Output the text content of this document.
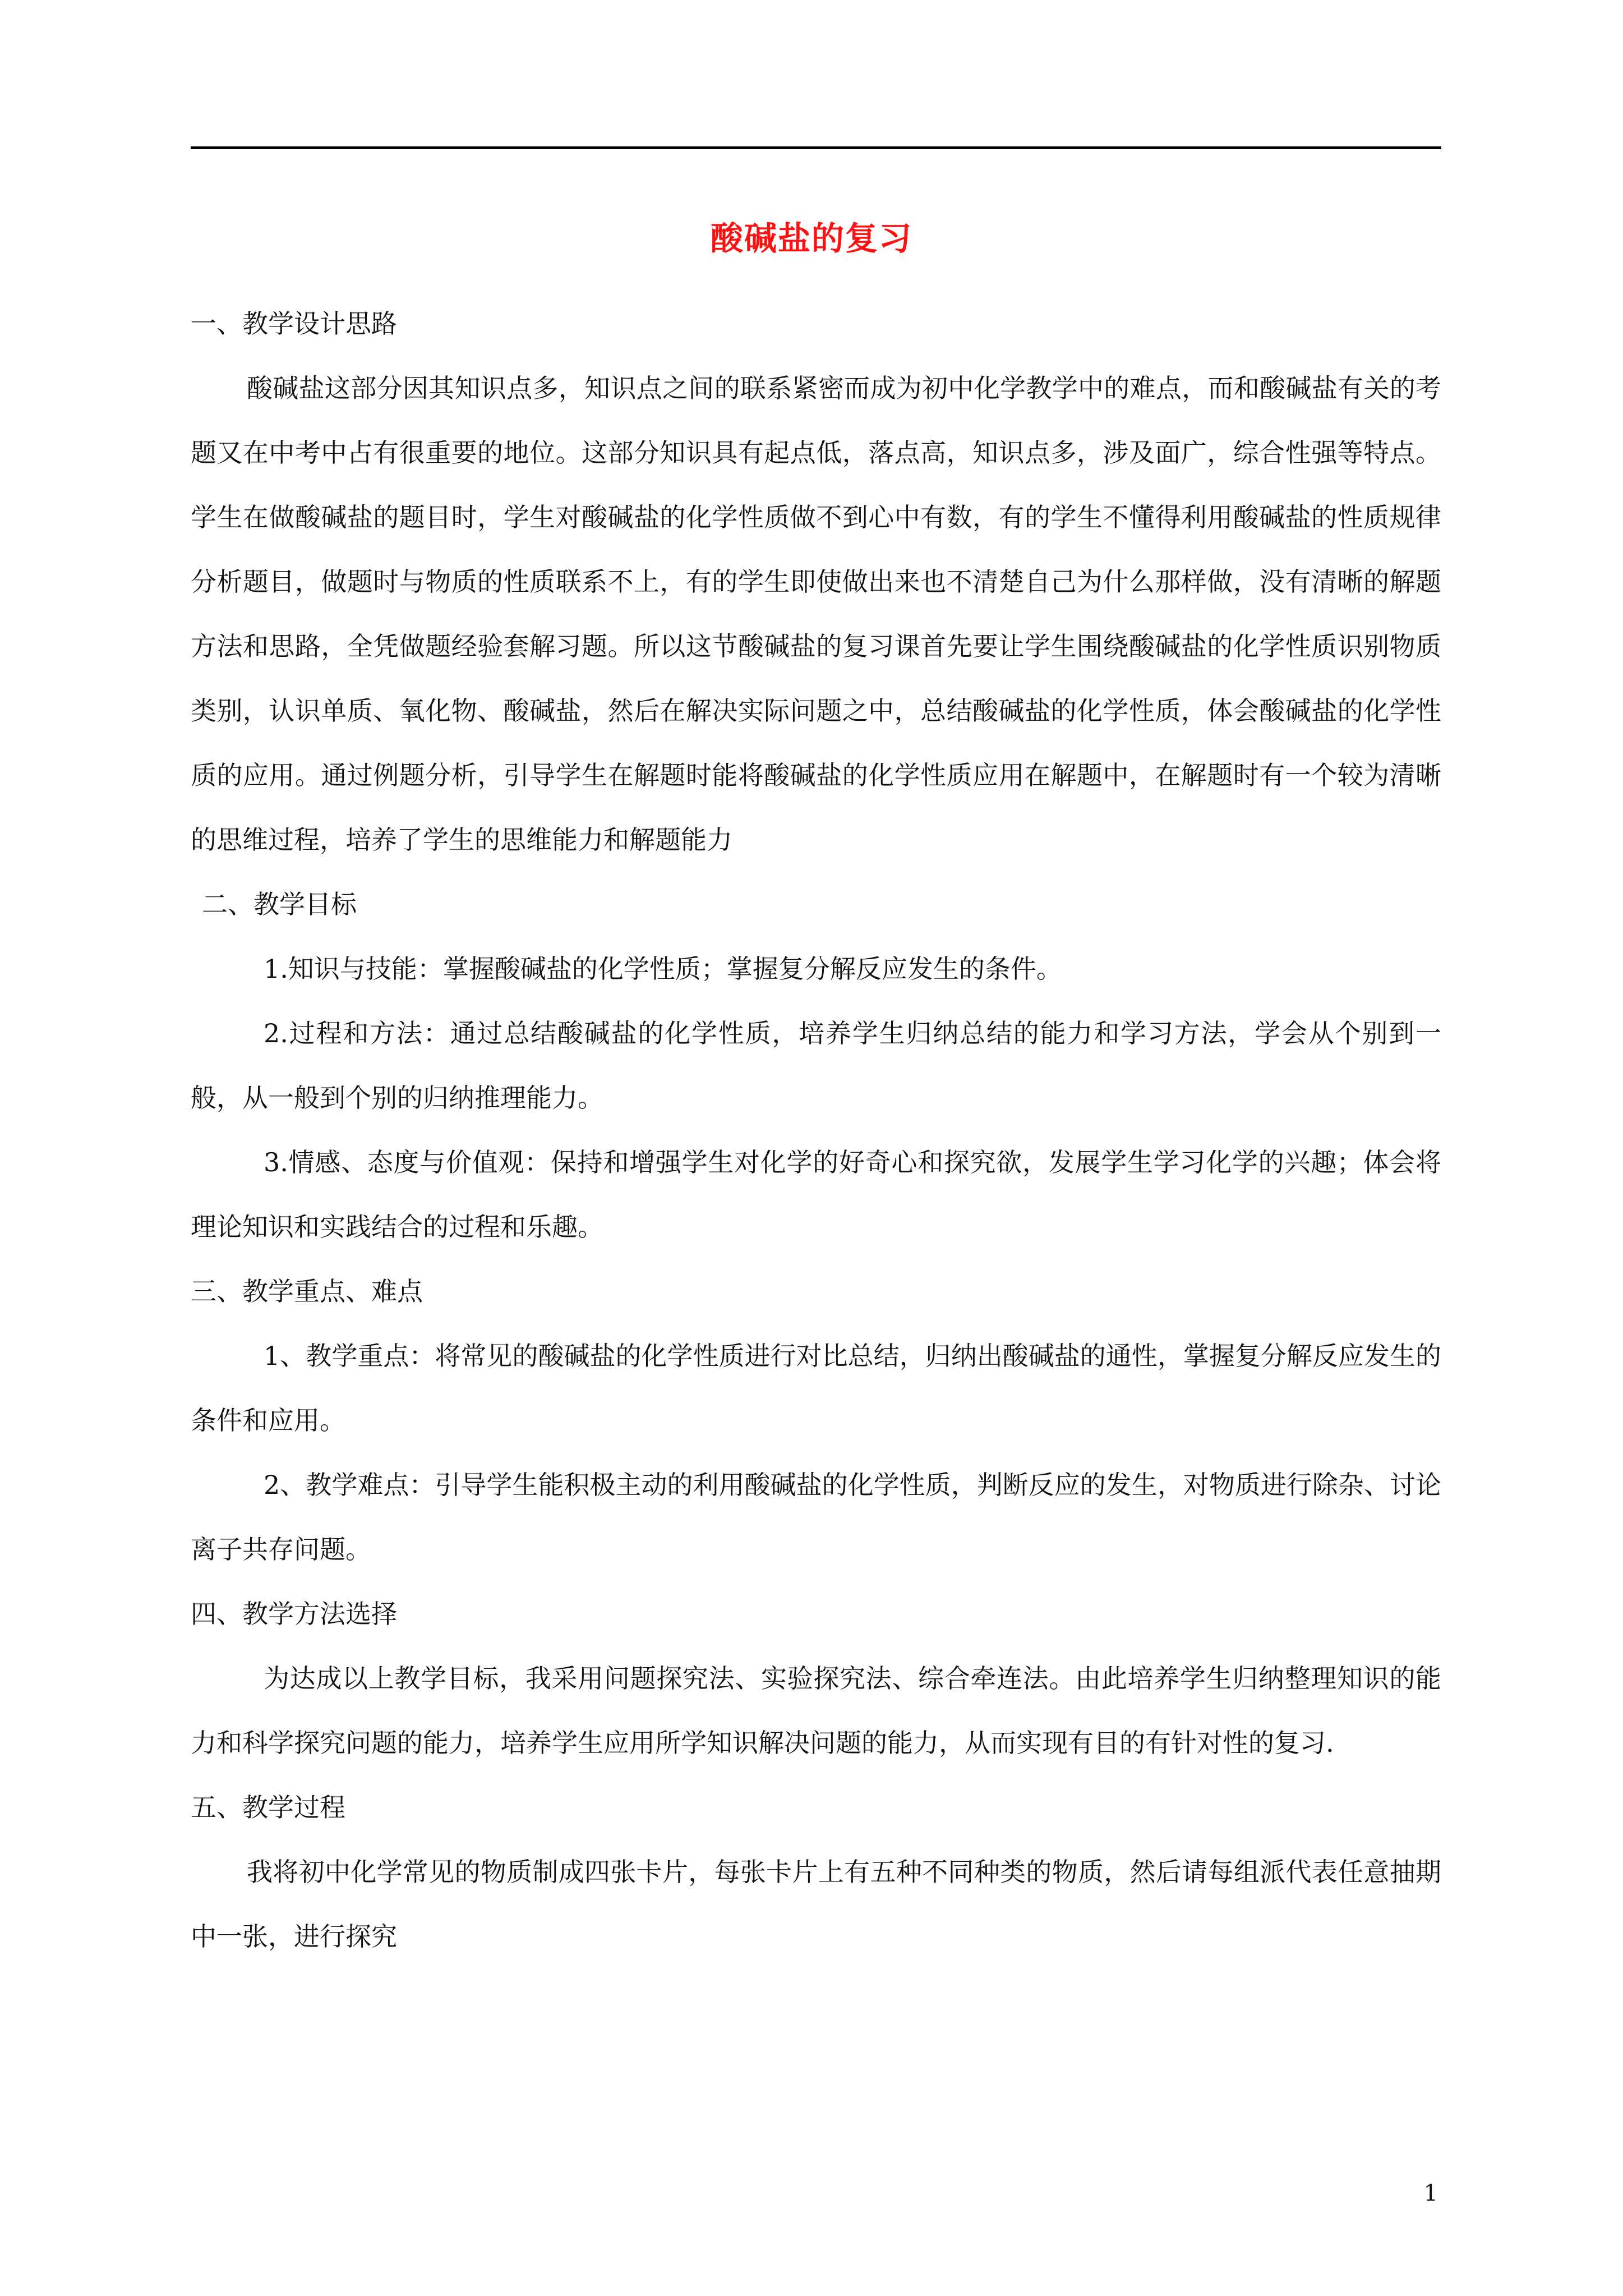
酸碱盐的复习

一、教学设计思路

酸碱盐这部分因其知识点多，知识点之间的联系紧密而成为初中化学教学中的难点，而和酸碱盐有关的考题又在中考中占有很重要的地位。这部分知识具有起点低，落点高，知识点多，涉及面广，综合性强等特点。学生在做酸碱盐的题目时，学生对酸碱盐的化学性质做不到心中有数，有的学生不懂得利用酸碱盐的性质规律分析题目，做题时与物质的性质联系不上，有的学生即使做出来也不清楚自己为什么那样做，没有清晰的解题方法和思路，全凭做题经验套解习题。所以这节酸碱盐的复习课首先要让学生围绕酸碱盐的化学性质识别物质类别，认识单质、氧化物、酸碱盐，然后在解决实际问题之中，总结酸碱盐的化学性质，体会酸碱盐的化学性质的应用。通过例题分析，引导学生在解题时能将酸碱盐的化学性质应用在解题中，在解题时有一个较为清晰的思维过程，培养了学生的思维能力和解题能力

二、教学目标

1.知识与技能：掌握酸碱盐的化学性质；掌握复分解反应发生的条件。

2.过程和方法：通过总结酸碱盐的化学性质，培养学生归纳总结的能力和学习方法，学会从个别到一般，从一般到个别的归纳推理能力。

3.情感、态度与价值观：保持和增强学生对化学的好奇心和探究欲，发展学生学习化学的兴趣；体会将理论知识和实践结合的过程和乐趣。

三、教学重点、难点

1、教学重点：将常见的酸碱盐的化学性质进行对比总结，归纳出酸碱盐的通性，掌握复分解反应发生的条件和应用。

2、教学难点：引导学生能积极主动的利用酸碱盐的化学性质，判断反应的发生，对物质进行除杂、讨论离子共存问题。

四、教学方法选择

为达成以上教学目标，我采用问题探究法、实验探究法、综合牵连法。由此培养学生归纳整理知识的能力和科学探究问题的能力，培养学生应用所学知识解决问题的能力，从而实现有目的有针对性的复习.

五、教学过程

我将初中化学常见的物质制成四张卡片，每张卡片上有五种不同种类的物质，然后请每组派代表任意抽期中一张，进行探究

1
